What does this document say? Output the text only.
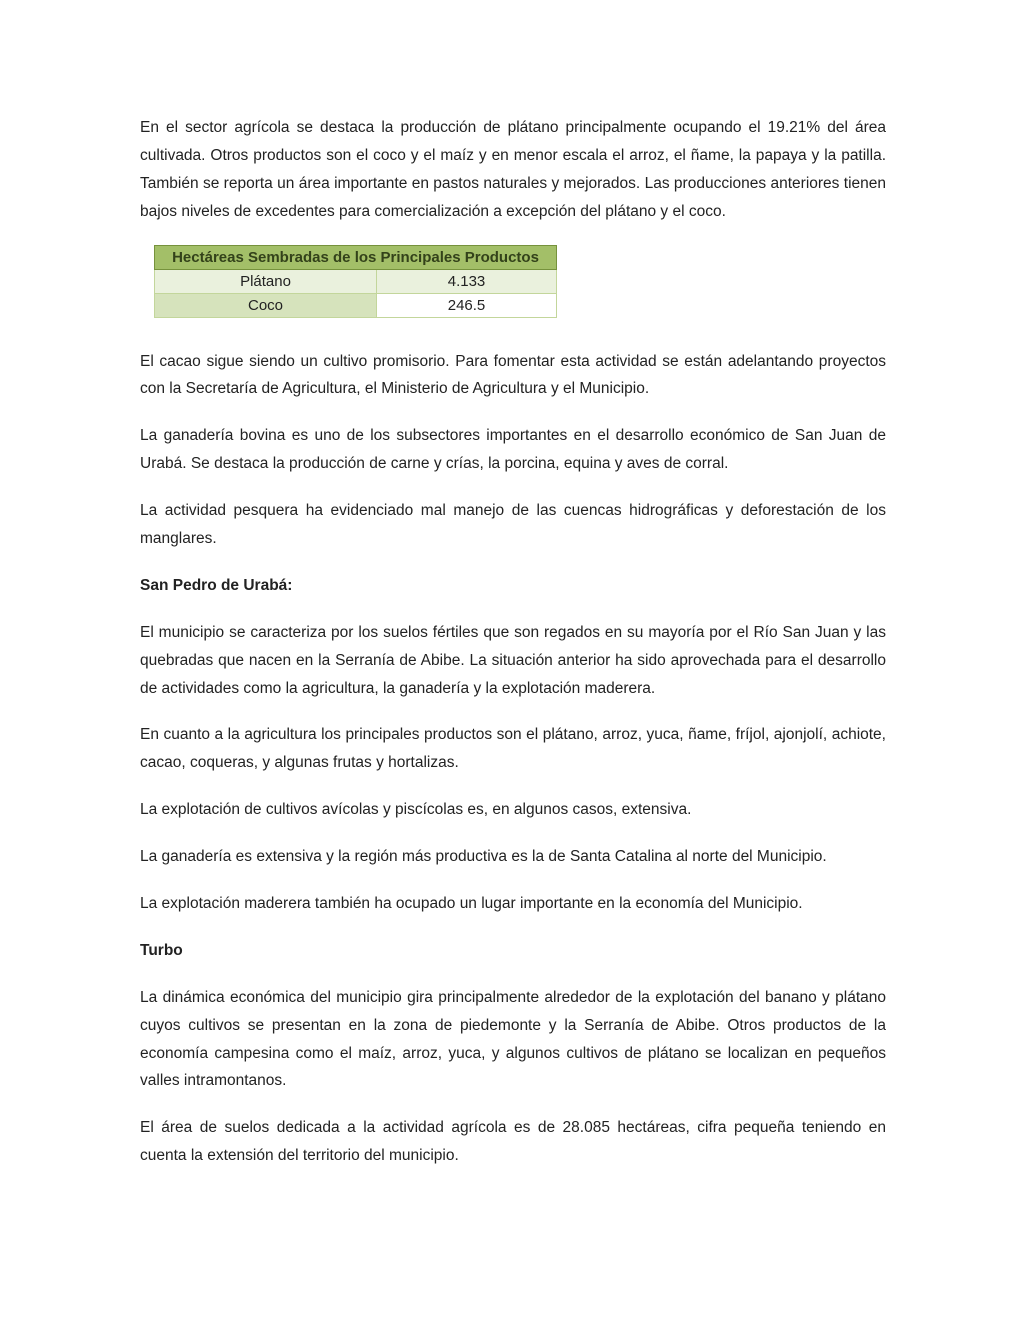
En el sector agrícola se destaca la producción de plátano principalmente ocupando el 19.21% del área cultivada. Otros productos son el coco y el maíz y en menor escala el arroz, el ñame, la papaya y la patilla. También se reporta un área importante en pastos naturales y mejorados. Las producciones anteriores tienen bajos niveles de excedentes para comercialización a excepción del plátano y el coco.

Hectáreas Sembradas de los Principales Productos	
Plátano	4.133
Coco	246.5

El cacao sigue siendo un cultivo promisorio. Para fomentar esta actividad se están adelantando proyectos con la Secretaría de Agricultura, el Ministerio de Agricultura y el Municipio.

La ganadería bovina es uno de los subsectores importantes en el desarrollo económico de San Juan de Urabá. Se destaca la producción de carne y crías, la porcina, equina y aves de corral.

La actividad pesquera ha evidenciado mal manejo de las cuencas hidrográficas y deforestación de los manglares.

San Pedro de Urabá:

El municipio se caracteriza por los suelos fértiles que son regados en su mayoría por el Río San Juan y las quebradas que nacen en la Serranía de Abibe. La situación anterior ha sido aprovechada para el desarrollo de actividades como la agricultura, la ganadería y la explotación maderera.

En cuanto a la agricultura los principales productos son el plátano, arroz, yuca, ñame, fríjol, ajonjolí, achiote, cacao, coqueras, y algunas frutas y hortalizas.

La explotación de cultivos avícolas y piscícolas es, en algunos casos, extensiva.

La ganadería es extensiva y la región más productiva es la de Santa Catalina al norte del Municipio.

La explotación maderera también ha ocupado un lugar importante en la economía del Municipio.

Turbo

La dinámica económica del municipio gira principalmente alrededor de la explotación del banano y plátano cuyos cultivos se presentan en la zona de piedemonte y la Serranía de Abibe. Otros productos de la economía campesina como el maíz, arroz, yuca, y algunos cultivos de plátano se localizan en pequeños valles intramontanos.

El área de suelos dedicada a la actividad agrícola es de 28.085 hectáreas, cifra pequeña teniendo en cuenta la extensión del territorio del municipio.
